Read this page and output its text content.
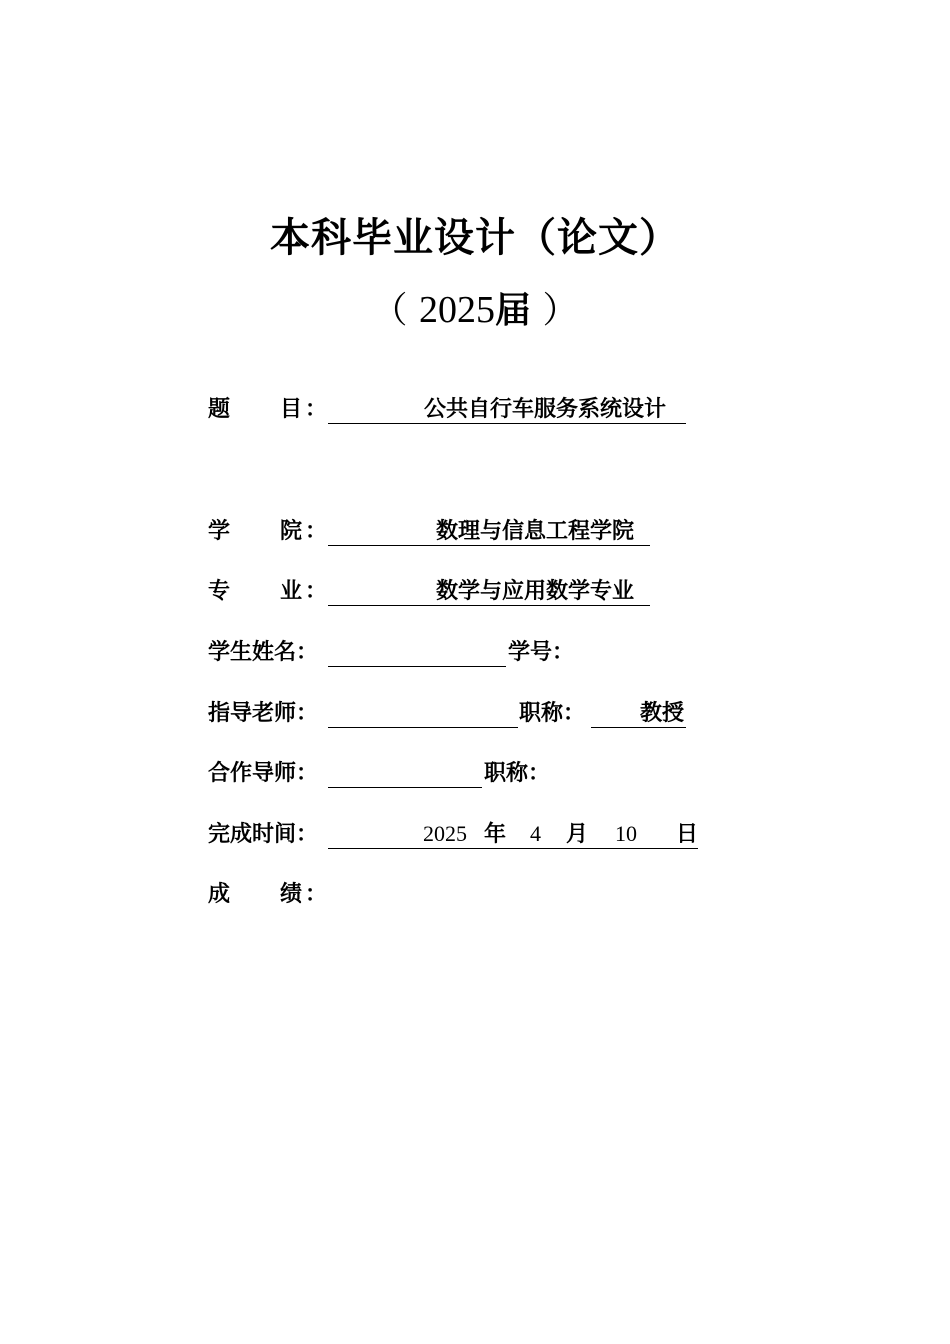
本科毕业设计（论文）
（ 2025届 ）
题 目 ：	公共自行车服务系统设计
学 院 ：	数理与信息工程学院
专 业 ：	数学与应用数学专业
学生姓名：	学号：
指导老师：	职称： 教授
合作导师：	职称：
完成时间：	2025 年 4 月 10 日
成 绩 ：
